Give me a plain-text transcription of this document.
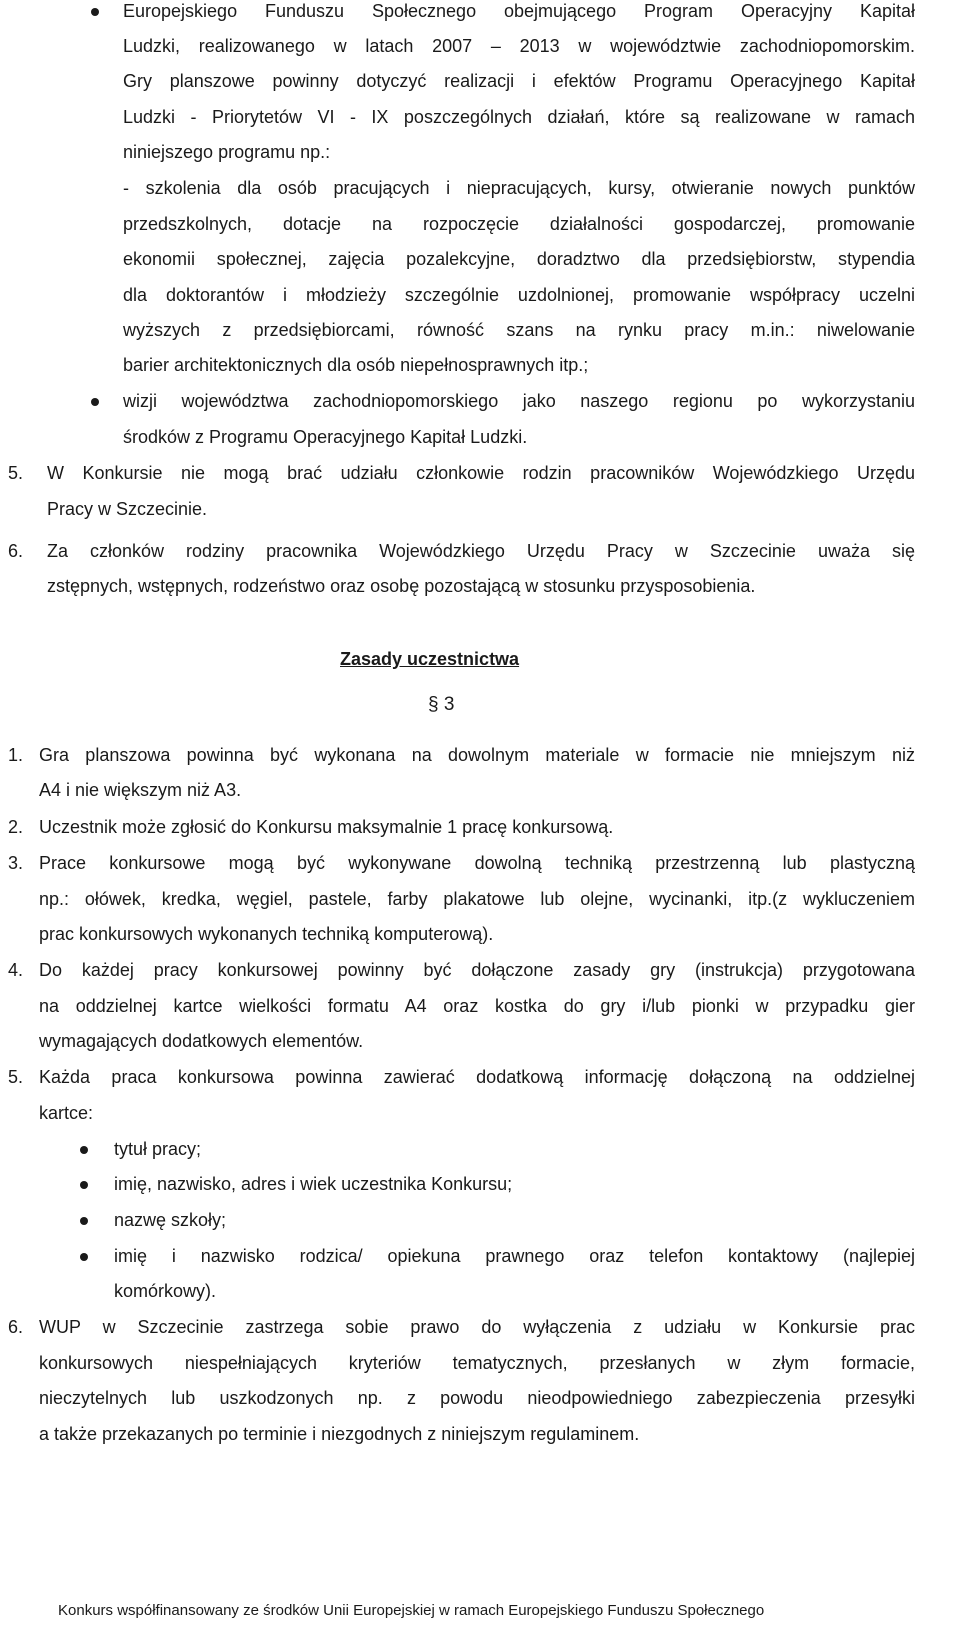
Europejskiego Funduszu Społecznego obejmującego Program Operacyjny Kapitał
Ludzki, realizowanego w latach 2007 – 2013 w województwie zachodniopomorskim.
Gry planszowe powinny dotyczyć realizacji i efektów Programu Operacyjnego Kapitał
Ludzki - Priorytetów VI - IX poszczególnych działań, które są realizowane w ramach
niniejszego programu np.:
- szkolenia dla osób pracujących i niepracujących, kursy, otwieranie nowych punktów
przedszkolnych, dotacje na rozpoczęcie działalności gospodarczej, promowanie
ekonomii społecznej, zajęcia pozalekcyjne, doradztwo dla przedsiębiorstw, stypendia
dla doktorantów i młodzieży szczególnie uzdolnionej, promowanie współpracy uczelni
wyższych z przedsiębiorcami, równość szans na rynku pracy m.in.: niwelowanie
barier architektonicznych dla osób niepełnosprawnych itp.;
wizji województwa zachodniopomorskiego jako naszego regionu po wykorzystaniu
środków z Programu Operacyjnego Kapitał Ludzki.
5. W Konkursie nie mogą brać udziału członkowie rodzin pracowników Wojewódzkiego Urzędu
Pracy w Szczecinie.
6. Za członków rodziny pracownika Wojewódzkiego Urzędu Pracy w Szczecinie uważa się
zstępnych, wstępnych, rodzeństwo oraz osobę pozostającą w stosunku przysposobienia.
Zasady uczestnictwa
§ 3
1. Gra planszowa powinna być wykonana na dowolnym materiale w formacie nie mniejszym niż
A4 i nie większym niż A3.
2. Uczestnik może zgłosić do Konkursu maksymalnie 1 pracę konkursową.
3. Prace konkursowe mogą być wykonywane dowolną techniką przestrzenną lub plastyczną
np.: ołówek, kredka, węgiel, pastele, farby plakatowe lub olejne, wycinanki, itp.(z wykluczeniem
prac konkursowych wykonanych techniką komputerową).
4. Do każdej pracy konkursowej powinny być dołączone zasady gry (instrukcja) przygotowana
na oddzielnej kartce wielkości formatu A4 oraz kostka do gry i/lub pionki w przypadku gier
wymagających dodatkowych elementów.
5. Każda praca konkursowa powinna zawierać dodatkową informację dołączoną na oddzielnej
kartce:
tytuł pracy;
imię, nazwisko, adres i wiek uczestnika Konkursu;
nazwę szkoły;
imię i nazwisko rodzica/ opiekuna prawnego oraz telefon kontaktowy (najlepiej
komórkowy).
6. WUP w Szczecinie zastrzega sobie prawo do wyłączenia z udziału w Konkursie prac
konkursowych niespełniających kryteriów tematycznych, przesłanych w złym formacie,
nieczytelnych lub uszkodzonych np. z powodu nieodpowiedniego zabezpieczenia przesyłki
a także przekazanych po terminie i niezgodnych z niniejszym regulaminem.
Konkurs współfinansowany ze środków Unii Europejskiej w ramach Europejskiego Funduszu Społecznego
